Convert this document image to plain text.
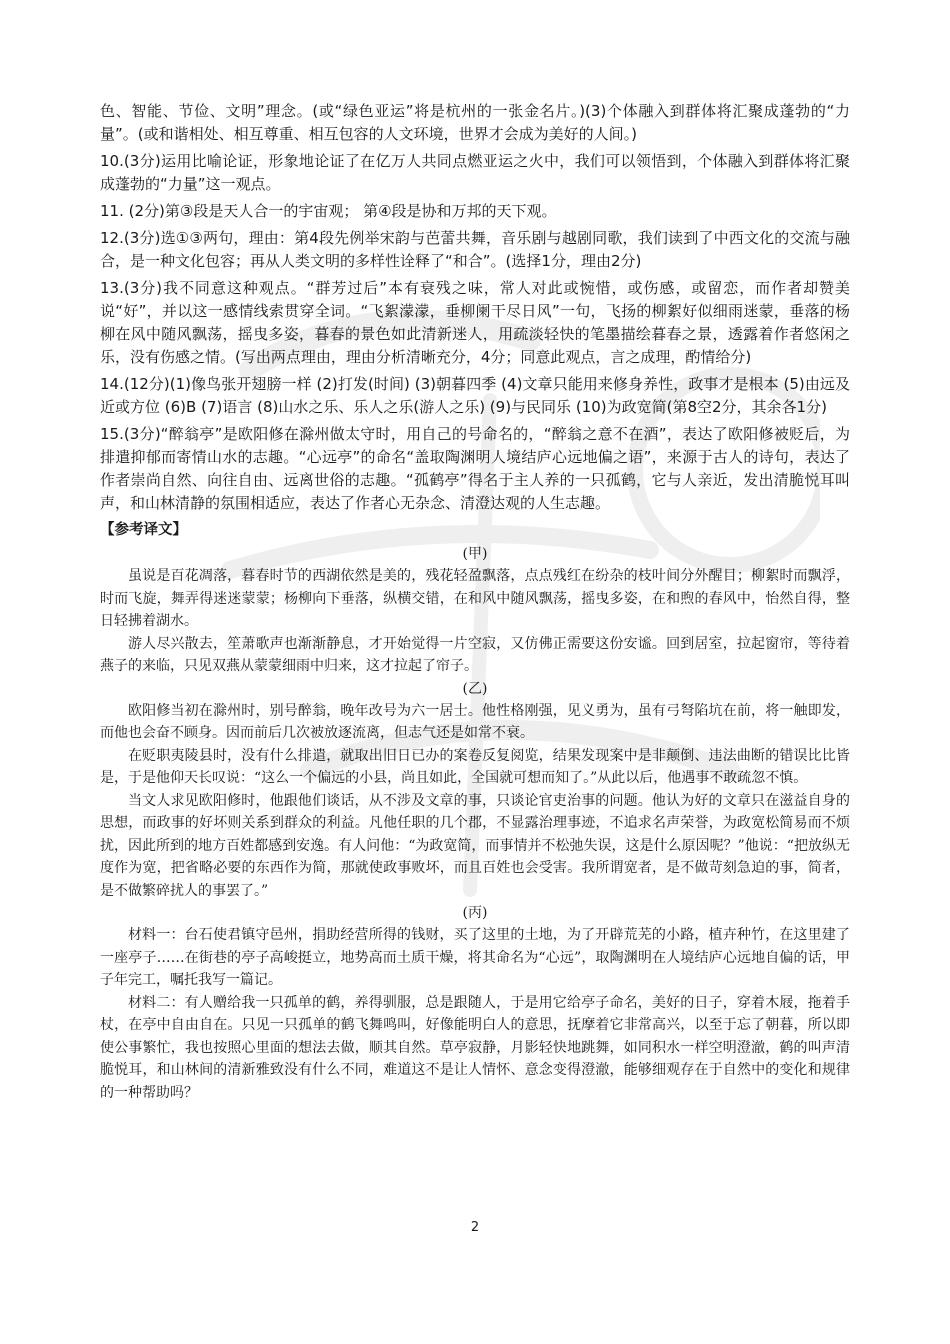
色、智能、节俭、文明”理念。(或“绿色亚运”将是杭州的一张金名片。)(3)个体融入到群体将汇聚成蓬勃的“力量”。(或和谐相处、相互尊重、相互包容的人文环境，世界才会成为美好的人间。)

10.(3分)运用比喻论证，形象地论证了在亿万人共同点燃亚运之火中，我们可以领悟到，个体融入到群体将汇聚成蓬勃的“力量”这一观点。

11. (2分)第③段是天人合一的宇宙观； 第④段是协和万邦的天下观。

12.(3分)选①③两句，理由：第4段先例举宋韵与芭蕾共舞，音乐剧与越剧同歌，我们读到了中西文化的交流与融合，是一种文化包容；再从人类文明的多样性诠释了“和合”。(选择1分，理由2分)

13.(3分)我不同意这种观点。“群芳过后”本有衰残之味，常人对此或惋惜，或伤感，或留恋，而作者却赞美说“好”，并以这一感情线索贯穿全词。“飞絮濛濛，垂柳阑干尽日风”一句，飞扬的柳絮好似细雨迷蒙，垂落的杨柳在风中随风飘荡，摇曳多姿，暮春的景色如此清新迷人，用疏淡轻快的笔墨描绘暮春之景，透露着作者悠闲之乐，没有伤感之情。(写出两点理由，理由分析清晰充分，4分；同意此观点，言之成理，酌情给分)

14.(12分)(1)像鸟张开翅膀一样 (2)打发(时间) (3)朝暮四季 (4)文章只能用来修身养性，政事才是根本 (5)由远及近或方位 (6)B (7)语言 (8)山水之乐、乐人之乐(游人之乐) (9)与民同乐 (10)为政宽简(第8空2分，其余各1分)

15.(3分)“醉翁亭”是欧阳修在滁州做太守时，用自己的号命名的，“醉翁之意不在酒”，表达了欧阳修被贬后，为排遣抑郁而寄情山水的志趣。“心远亭”的命名“盖取陶渊明人境结庐心远地偏之语”，来源于古人的诗句，表达了作者崇尚自然、向往自由、远离世俗的志趣。“孤鹤亭”得名于主人养的一只孤鹤，它与人亲近，发出清脆悦耳叫声，和山林清静的氛围相适应，表达了作者心无杂念、清澄达观的人生志趣。

【参考译文】

(甲)

虽说是百花凋落，暮春时节的西湖依然是美的，残花轻盈飘落，点点残红在纷杂的枝叶间分外醒目；柳絮时而飘浮，时而飞旋，舞弄得迷迷蒙蒙；杨柳向下垂落，纵横交错，在和风中随风飘荡，摇曳多姿，在和煦的春风中，怡然自得，整日轻拂着湖水。

游人尽兴散去，笙萧歌声也渐渐静息，才开始觉得一片空寂，又仿佛正需要这份安谧。回到居室，拉起窗帘，等待着燕子的来临，只见双燕从蒙蒙细雨中归来，这才拉起了帘子。

(乙)

欧阳修当初在滁州时，别号醉翁，晚年改号为六一居士。他性格刚强，见义勇为，虽有弓弩陷坑在前，将一触即发，而他也会奋不顾身。因而前后几次被放逐流离，但志气还是如常不衰。

在贬职夷陵县时，没有什么排遣，就取出旧日已办的案卷反复阅览，结果发现案中是非颠倒、违法曲断的错误比比皆是，于是他仰天长叹说：“这么一个偏远的小县，尚且如此，全国就可想而知了。”从此以后，他遇事不敢疏忽不慎。

当文人求见欧阳修时，他跟他们谈话，从不涉及文章的事，只谈论官吏治事的问题。他认为好的文章只在滋益自身的思想，而政事的好坏则关系到群众的利益。凡他任职的几个郡，不显露治理事迹，不追求名声荣誉，为政宽松简易而不烦扰，因此所到的地方百姓都感到安逸。有人问他：“为政宽简，而事情并不松弛失误，这是什么原因呢？”他说：“把放纵无度作为宽，把省略必要的东西作为简，那就使政事败坏，而且百姓也会受害。我所谓宽者，是不做苛刻急迫的事，简者，是不做繁碎扰人的事罢了。”

(丙)

材料一：台石使君镇守邑州，捐助经营所得的钱财，买了这里的土地，为了开辟荒芜的小路，植卉种竹，在这里建了一座亭子……在街巷的亭子高峻挺立，地势高而土质干燥，将其命名为“心远”，取陶渊明在人境结庐心远地自偏的话，甲子年完工，嘱托我写一篇记。

材料二：有人赠给我一只孤单的鹤，养得驯服，总是跟随人，于是用它给亭子命名，美好的日子，穿着木屐，拖着手杖，在亭中自由自在。只见一只孤单的鹤飞舞鸣叫，好像能明白人的意思，抚摩着它非常高兴，以至于忘了朝暮，所以即使公事繁忙，我也按照心里面的想法去做，顺其自然。草亭寂静，月影轻快地跳舞，如同积水一样空明澄澈，鹤的叫声清脆悦耳，和山林间的清新雅致没有什么不同，难道这不是让人情怀、意念变得澄澈，能够细观存在于自然中的变化和规律的一种帮助吗？

2
